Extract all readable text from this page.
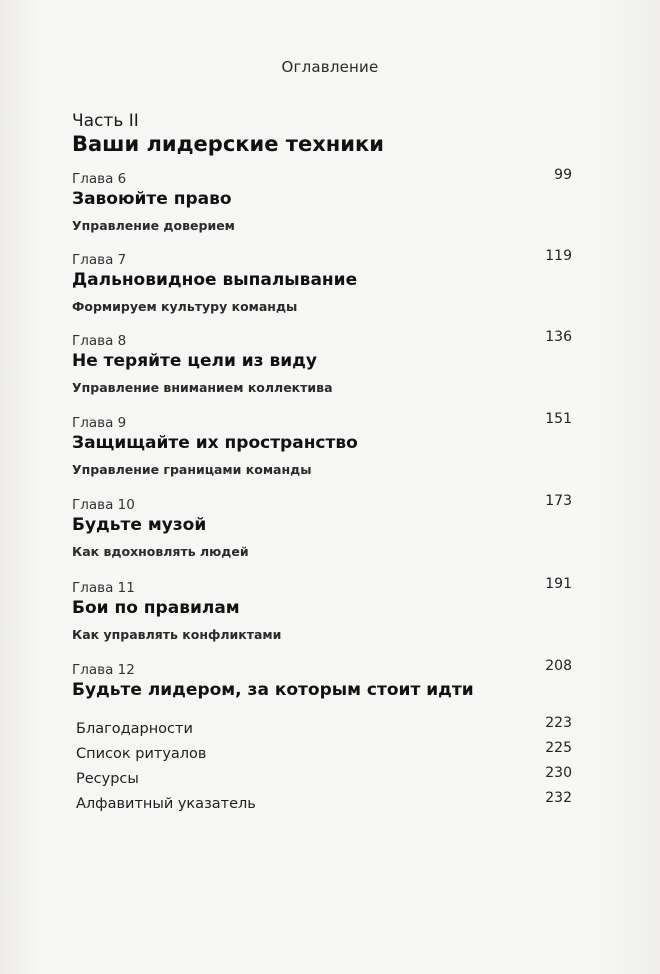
Оглавление
Часть II
Ваши лидерские техники
Глава 6	99
Завоюйте право
Управление доверием
Глава 7	119
Дальновидное выпалывание
Формируем культуру команды
Глава 8	136
Не теряйте цели из виду
Управление вниманием коллектива
Глава 9	151
Защищайте их пространство
Управление границами команды
Глава 10	173
Будьте музой
Как вдохновлять людей
Глава 11	191
Бои по правилам
Как управлять конфликтами
Глава 12	208
Будьте лидером, за которым стоит идти
Благодарности	223
Список ритуалов	225
Ресурсы	230
Алфавитный указатель	232
